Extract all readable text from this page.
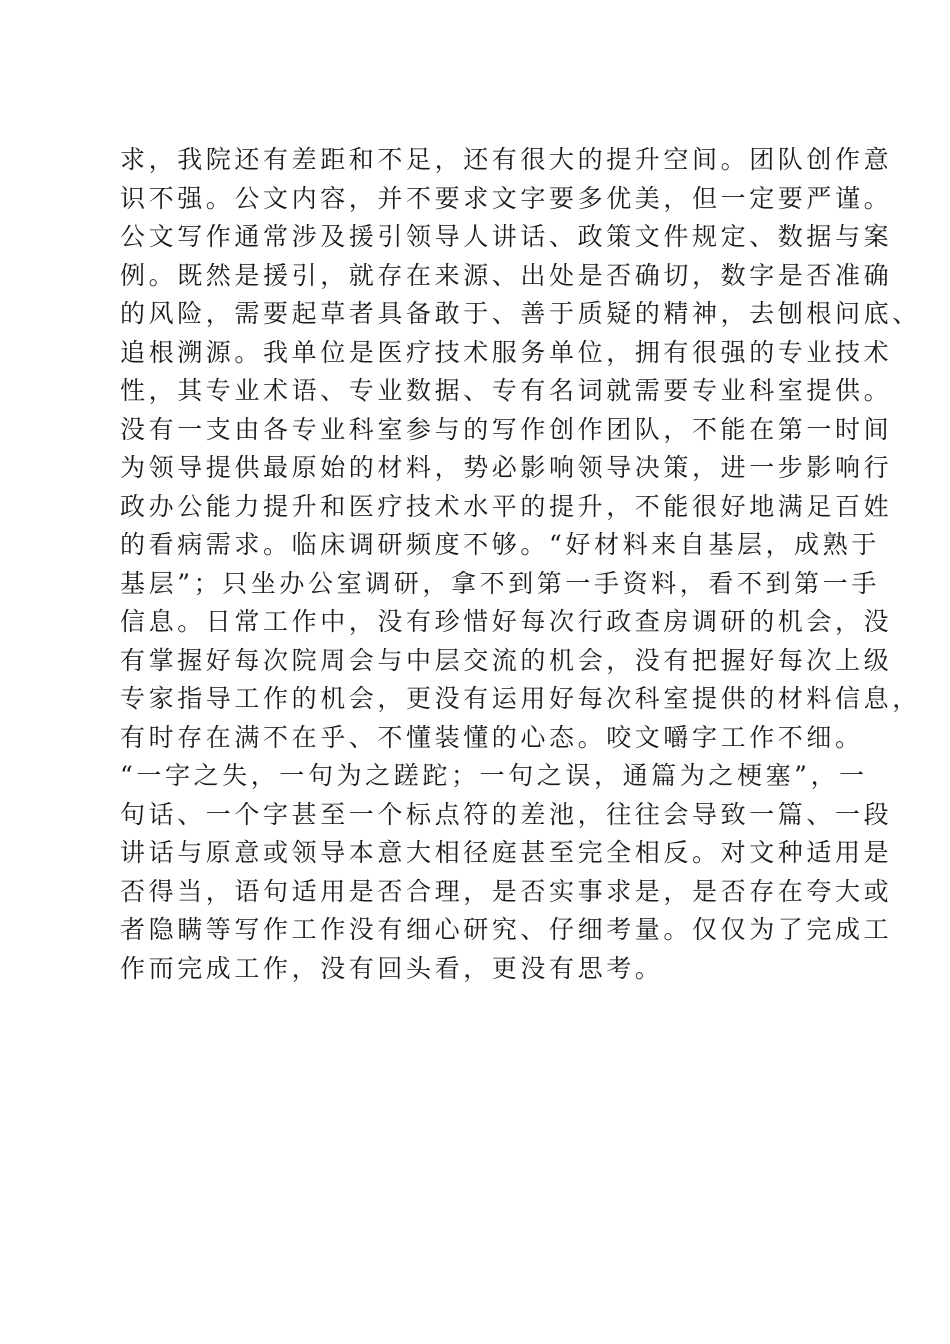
求，我院还有差距和不足，还有很大的提升空间。团队创作意
识不强。公文内容，并不要求文字要多优美，但一定要严谨。
公文写作通常涉及援引领导人讲话、政策文件规定、数据与案
例。既然是援引，就存在来源、出处是否确切，数字是否准确
的风险，需要起草者具备敢于、善于质疑的精神，去刨根问底、
追根溯源。我单位是医疗技术服务单位，拥有很强的专业技术
性，其专业术语、专业数据、专有名词就需要专业科室提供。
没有一支由各专业科室参与的写作创作团队，不能在第一时间
为领导提供最原始的材料，势必影响领导决策，进一步影响行
政办公能力提升和医疗技术水平的提升，不能很好地满足百姓
的看病需求。临床调研频度不够。“好材料来自基层，成熟于
基层”；只坐办公室调研，拿不到第一手资料，看不到第一手
信息。日常工作中，没有珍惜好每次行政查房调研的机会，没
有掌握好每次院周会与中层交流的机会，没有把握好每次上级
专家指导工作的机会，更没有运用好每次科室提供的材料信息，
有时存在满不在乎、不懂装懂的心态。咬文嚼字工作不细。
“一字之失，一句为之蹉跎；一句之误，通篇为之梗塞”，一
句话、一个字甚至一个标点符的差池，往往会导致一篇、一段
讲话与原意或领导本意大相径庭甚至完全相反。对文种适用是
否得当，语句适用是否合理，是否实事求是，是否存在夸大或
者隐瞒等写作工作没有细心研究、仔细考量。仅仅为了完成工
作而完成工作，没有回头看，更没有思考。
